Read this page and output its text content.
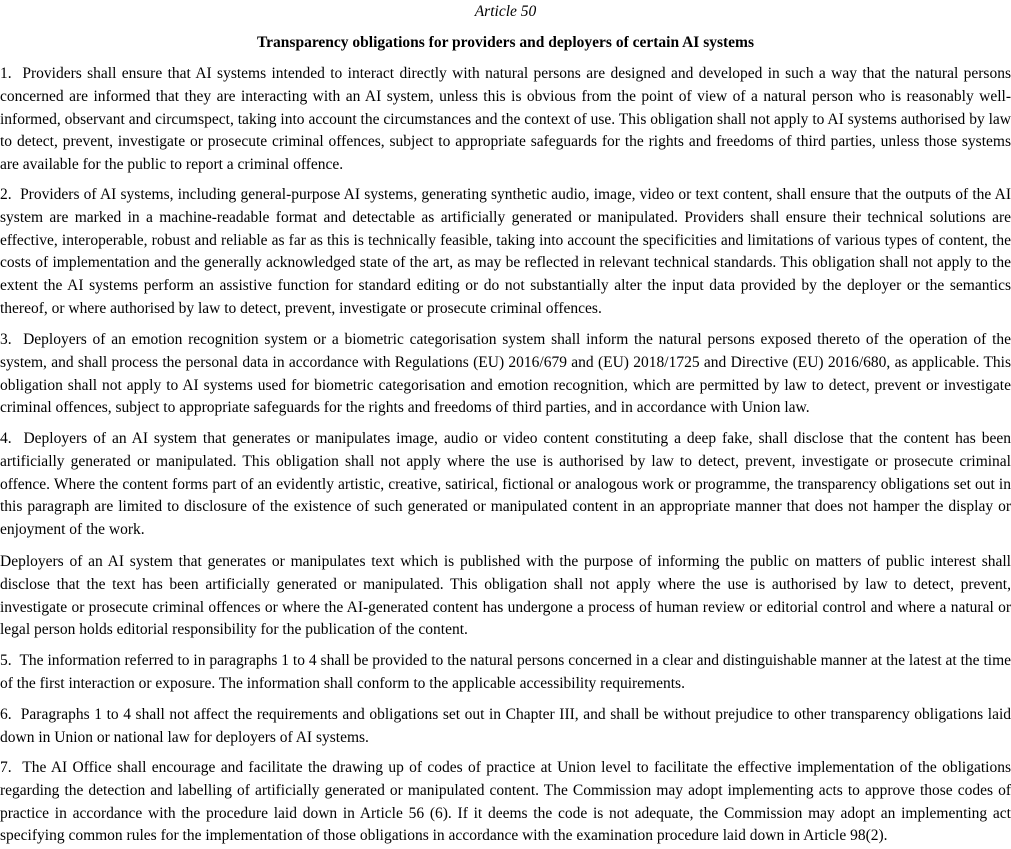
Article 50
Transparency obligations for providers and deployers of certain AI systems

1. Providers shall ensure that AI systems intended to interact directly with natural persons are designed and developed in such a way that the natural persons concerned are informed that they are interacting with an AI system, unless this is obvious from the point of view of a natural person who is reasonably well-informed, observant and circumspect, taking into account the circumstances and the context of use. This obligation shall not apply to AI systems authorised by law to detect, prevent, investigate or prosecute criminal offences, subject to appropriate safeguards for the rights and freedoms of third parties, unless those systems are available for the public to report a criminal offence.

2. Providers of AI systems, including general-purpose AI systems, generating synthetic audio, image, video or text content, shall ensure that the outputs of the AI system are marked in a machine-readable format and detectable as artificially generated or manipulated. Providers shall ensure their technical solutions are effective, interoperable, robust and reliable as far as this is technically feasible, taking into account the specificities and limitations of various types of content, the costs of implementation and the generally acknowledged state of the art, as may be reflected in relevant technical standards. This obligation shall not apply to the extent the AI systems perform an assistive function for standard editing or do not substantially alter the input data provided by the deployer or the semantics thereof, or where authorised by law to detect, prevent, investigate or prosecute criminal offences.

3. Deployers of an emotion recognition system or a biometric categorisation system shall inform the natural persons exposed thereto of the operation of the system, and shall process the personal data in accordance with Regulations (EU) 2016/679 and (EU) 2018/1725 and Directive (EU) 2016/680, as applicable. This obligation shall not apply to AI systems used for biometric categorisation and emotion recognition, which are permitted by law to detect, prevent or investigate criminal offences, subject to appropriate safeguards for the rights and freedoms of third parties, and in accordance with Union law.

4. Deployers of an AI system that generates or manipulates image, audio or video content constituting a deep fake, shall disclose that the content has been artificially generated or manipulated. This obligation shall not apply where the use is authorised by law to detect, prevent, investigate or prosecute criminal offence. Where the content forms part of an evidently artistic, creative, satirical, fictional or analogous work or programme, the transparency obligations set out in this paragraph are limited to disclosure of the existence of such generated or manipulated content in an appropriate manner that does not hamper the display or enjoyment of the work.

Deployers of an AI system that generates or manipulates text which is published with the purpose of informing the public on matters of public interest shall disclose that the text has been artificially generated or manipulated. This obligation shall not apply where the use is authorised by law to detect, prevent, investigate or prosecute criminal offences or where the AI-generated content has undergone a process of human review or editorial control and where a natural or legal person holds editorial responsibility for the publication of the content.

5. The information referred to in paragraphs 1 to 4 shall be provided to the natural persons concerned in a clear and distinguishable manner at the latest at the time of the first interaction or exposure. The information shall conform to the applicable accessibility requirements.

6. Paragraphs 1 to 4 shall not affect the requirements and obligations set out in Chapter III, and shall be without prejudice to other transparency obligations laid down in Union or national law for deployers of AI systems.

7. The AI Office shall encourage and facilitate the drawing up of codes of practice at Union level to facilitate the effective implementation of the obligations regarding the detection and labelling of artificially generated or manipulated content. The Commission may adopt implementing acts to approve those codes of practice in accordance with the procedure laid down in Article 56 (6). If it deems the code is not adequate, the Commission may adopt an implementing act specifying common rules for the implementation of those obligations in accordance with the examination procedure laid down in Article 98(2).
